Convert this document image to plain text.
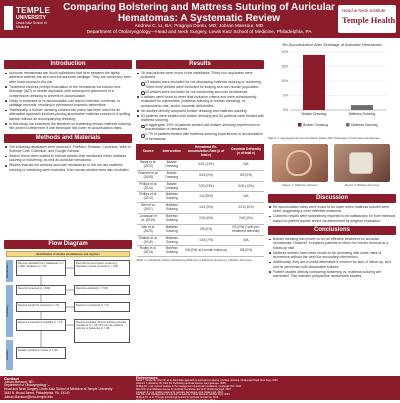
TEMPLE
UNIVERSITY
Lewis Katz School of Medicine
Comparing Bolstering and Mattress Suturing of Auricular
Hematomas: A Systematic Review
Andrew C. LI, BA; Pragnya Dontu, MD; Jobran Mansour, MD
Department of Otolaryngology—Head and Neck Surgery, Lewis Katz School of Medicine, Philadelphia, PA
Head & Neck Institute
Temple Health
Introduction
Auricular hematomas are blood collections that form between the tightly adherent anterior ear skin and the auricular cartilage. They are commonly seen after blunt trauma to the ear.
Treatment involves prompt evacuation of the hematoma via incision and drainage (I&D) or needle aspiration with subsequent placement of a compressive dressing to prevent re-accumulation.
Delay in treatment or re-accumulation can lead to infection, ischemia, or cartilage necrosis, resulting in permanent cosmetic deformities.
Traditionally, a bolster dressing sutured into place has been used but an alternative approach involves placing absorbable mattress sutures in a quilting fashion without an accompanying dressing.
In this study, we examined the literature on bolstering versus mattress suturing. We aimed to determine if one technique has lower re-accumulation rates.
Methods and Materials
The following databases were searched: PubMed, Embase, Cochrane, Web of Science Core Collection, and Google Scholar.
Search terms were crafted to include articles that mentioned either mattress suturing or bolstering, as well as auricular hematoma.
Studies that did not address auricular hematomas or did not use mattress suturing or bolstering were excluded. Non-human studies were also excluded.
Flow Diagram
Identification of studies via databases and registers
Identification
Screening
Included
Records identified from: Databases (n = 1,062); Registers (n = 0)
Records removed before screening: Duplicate records removed (n = 242)
Records screened (n = 820)	Records excluded (n = 746)
Reports sought for retrieval (n = 74)	Reports not retrieved (n = 0)
Reports assessed for eligibility (n = 74)	Reports excluded: Did not address auricular hematoma (n = 12); Did not use mattress suturing or bolstering (n = 36)
Studies included in review (n = 26)
Results
26 total articles were found in the databases. Thirty-four duplicates were excluded.
13 articles were excluded for not discussing mattress suturing or bolstering. Three more articles were excluded for looking at a non-human population.
15 articles were excluded for not mentioning auricular hematomas.
9 articles were found to meet final inclusion criteria and were subsequently evaluated for intervention (mattress suturing or bolster dressing), re-accumulation rate, and/or cosmetic deformities.
No studies directly compared bolster dressing and mattress suturing.
63 patients were treated with bolster dressing and 62 patients were treated with mattress suturing.
In aggregate, 19% of patients treated with bolster dressing experienced re-accumulation of hematoma.
1.7% of patients treated with mattress suturing experienced re-accumulation of hematoma.
Source	Intervention	Hematoma Re-accumulation Rate (n of total n)	Cosmetic Deformity (n of total n)
Basal et al. (2020)	Bolster Dressing	6/41 (14%)	N/A
Ghanem et al. (2005)	Bolster Dressing	0/16 (0%)	0/5 (0%)
Phillips et al. (2014)	Bolster Dressing	7/30 (23%)	6/30 (12%)
Phillips et al. (2014)	Mattress Suturing	1/4 (25%)	N/A
Wen et al. (2007)	Mattress Suturing	1/14 (5%)	2/19 (11%)
Jonasson et al. (2019)	Mattress Suturing	0/30 (0%)	0/30 (0%)
Nair et al. (2020)	Mattress Suturing	0/8 (0%)	0/3 (0%) 2 with pre-treatment deformity
Shabeb et al. (2015)	Mattress Suturing	1/15 (7%)	N/A
Rodity et al. (2014)	Mattress Suturing	0/8 (0%) at 3-month follow-up	0/8 (0%)
Table 1. Individual Articles Addressing Efficacy of Mattress Suturing or Bolster Dressing
Re-Accumulation After Drainage of Auricular Hematoma
0%
5%
10%
15%
20%
Bolster Dressing	Mattress Suturing
Bolster Dressing	Mattress Suturing
Figure 1. Aggregate Re-Accumulation Rates After Drainage of Auricular Hematomas
Figure 2. Mattress Sutures	Figure 3. Bolster Dressing
Discussion
Re-accumulation rates were found to be lower when mattress sutures were used, suggesting a more effective treatment.
Cosmetic results were subjectively reported to be satisfactory for both methods based on patient reports and/or as determined by surgeon evaluation.
Conclusions
Bolster dressing has proven to be an effective treatment for auricular hematomas. However, it requires patients to return for bolster removal at a follow-up visit.
Mattress sutures have been shown to be promising with lower rates of recurrence without the need for secondary intervention.
Additionally, they are a useful alternative if concern for lack of follow-up, as it can be performed with absorbable sutures.
Further studies directly comparing bolstering vs. mattress suturing are warranted. This includes prospective randomized studies.
Contact
Jobran Mansour, MD
Department of Otolaryngology —
Head and Neck Surgery, Lewis Katz School of Medicine at Temple University
3440 N. Broad Street, Philadelphia, PA, 19140
Jobran.Mansour@tuhs.temple.edu
References
Basal Y, Sarica MI, Ozer OF, et al. Alternative approach to auricular hematoma: a bolster dressing. Otolaryngol Head Neck Surg. 2020.
Ghanem T, Rasamny JK, Park SS. Rethinking auricular trauma. Laryngoscope. 2005.
Phillips RJ, et al. Current practice in the management of auricular hematoma. J Laryngol Otol. 2014.
Wen DW, et al. Mattress sutures for auricular hematoma. Eur Arch Otorhinolaryngol. 2007.
Jonasson P, et al. Quilting sutures for auricular hematoma. Acta Otolaryngol. 2019.
Nair SS, et al. Management of auricular hematoma. J Plast Reconstr Aesthet Surg. 2020.
Shabeb TS, et al. Through-and-through sutures for auricular hematoma. 2015.
Rodity R, et al. Auricular hematoma treatment with mattress suturing. 2014.
